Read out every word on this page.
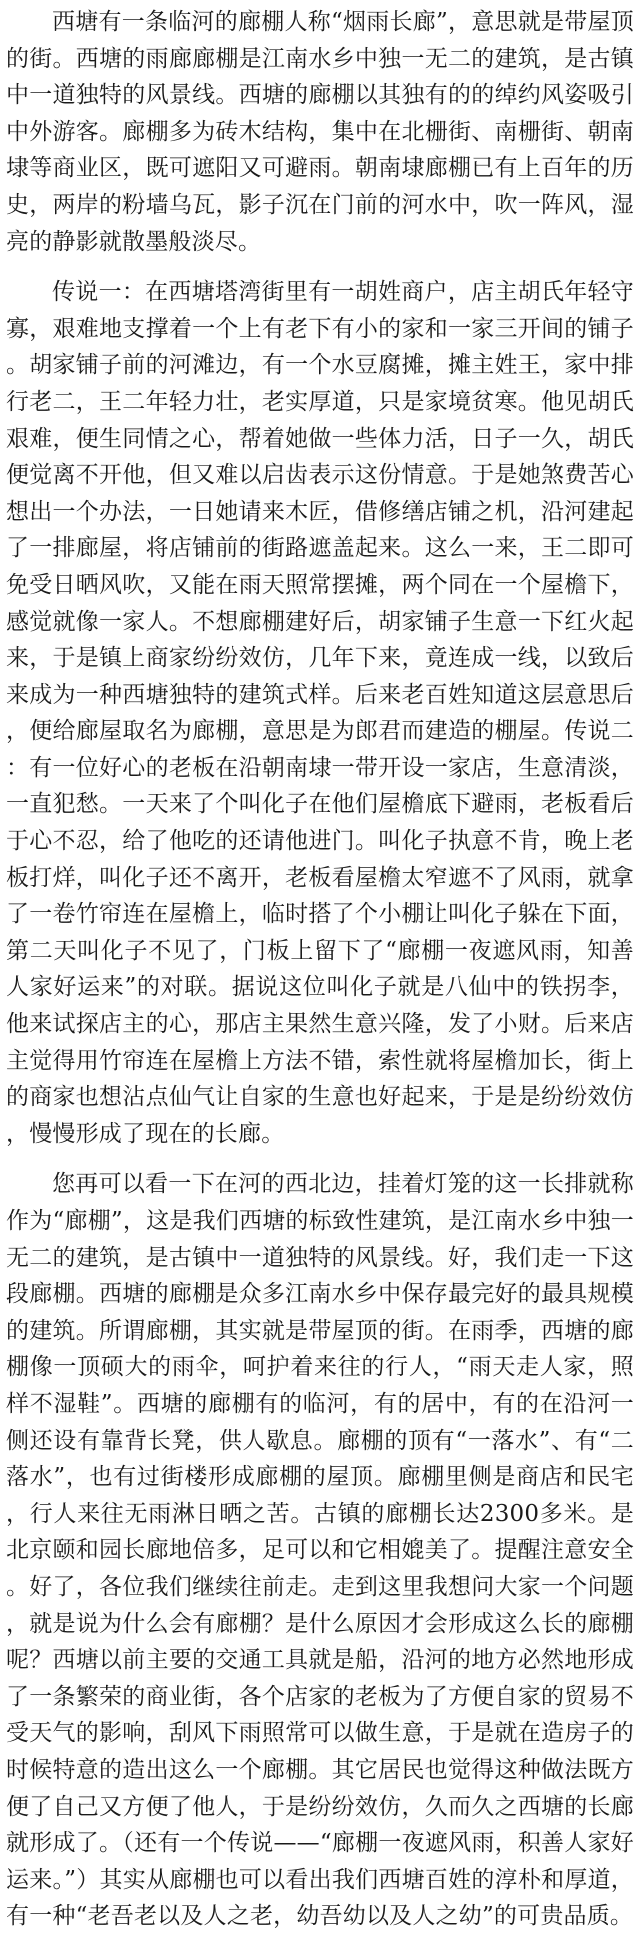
西塘有一条临河的廊棚人称“烟雨长廊”，意思就是带屋顶的街。西塘的雨廊廊棚是江南水乡中独一无二的建筑，是古镇中一道独特的风景线。西塘的廊棚以其独有的的绰约风姿吸引中外游客。廊棚多为砖木结构，集中在北栅街、南栅街、朝南埭等商业区，既可遮阳又可避雨。朝南埭廊棚已有上百年的历史，两岸的粉墙乌瓦，影子沉在门前的河水中，吹一阵风，湿亮的静影就散墨般淡尽。

传说一：在西塘塔湾街里有一胡姓商户，店主胡氏年轻守寡，艰难地支撑着一个上有老下有小的家和一家三开间的铺子。胡家铺子前的河滩边，有一个水豆腐摊，摊主姓王，家中排行老二，王二年轻力壮，老实厚道，只是家境贫寒。他见胡氏艰难，便生同情之心，帮着她做一些体力活，日子一久，胡氏便觉离不开他，但又难以启齿表示这份情意。于是她煞费苦心想出一个办法，一日她请来木匠，借修缮店铺之机，沿河建起了一排廊屋，将店铺前的街路遮盖起来。这么一来，王二即可免受日晒风吹，又能在雨天照常摆摊，两个同在一个屋檐下，感觉就像一家人。不想廊棚建好后，胡家铺子生意一下红火起来，于是镇上商家纷纷效仿，几年下来，竟连成一线，以致后来成为一种西塘独特的建筑式样。后来老百姓知道这层意思后，便给廊屋取名为廊棚，意思是为郎君而建造的棚屋。传说二：有一位好心的老板在沿朝南埭一带开设一家店，生意清淡，一直犯愁。一天来了个叫化子在他们屋檐底下避雨，老板看后于心不忍，给了他吃的还请他进门。叫化子执意不肯，晚上老板打烊，叫化子还不离开，老板看屋檐太窄遮不了风雨，就拿了一卷竹帘连在屋檐上，临时搭了个小棚让叫化子躲在下面，第二天叫化子不见了，门板上留下了“廊棚一夜遮风雨，知善人家好运来”的对联。据说这位叫化子就是八仙中的铁拐李，他来试探店主的心，那店主果然生意兴隆，发了小财。后来店主觉得用竹帘连在屋檐上方法不错，索性就将屋檐加长，街上的商家也想沾点仙气让自家的生意也好起来，于是是纷纷效仿，慢慢形成了现在的长廊。

您再可以看一下在河的西北边，挂着灯笼的这一长排就称作为“廊棚”，这是我们西塘的标致性建筑，是江南水乡中独一无二的建筑，是古镇中一道独特的风景线。好，我们走一下这段廊棚。西塘的廊棚是众多江南水乡中保存最完好的最具规模的建筑。所谓廊棚，其实就是带屋顶的街。在雨季，西塘的廊棚像一顶硕大的雨伞，呵护着来往的行人，“雨天走人家，照样不湿鞋”。西塘的廊棚有的临河，有的居中，有的在沿河一侧还设有靠背长凳，供人歇息。廊棚的顶有“一落水”、有“二落水”，也有过街楼形成廊棚的屋顶。廊棚里侧是商店和民宅，行人来往无雨淋日晒之苦。古镇的廊棚长达2300多米。是北京颐和园长廊地倍多，足可以和它相媲美了。提醒注意安全。好了，各位我们继续往前走。走到这里我想问大家一个问题，就是说为什么会有廊棚？是什么原因才会形成这么长的廊棚呢？西塘以前主要的交通工具就是船，沿河的地方必然地形成了一条繁荣的商业街，各个店家的老板为了方便自家的贸易不受天气的影响，刮风下雨照常可以做生意，于是就在造房子的时候特意的造出这么一个廊棚。其它居民也觉得这种做法既方便了自己又方便了他人，于是纷纷效仿，久而久之西塘的长廊就形成了。（还有一个传说——“廊棚一夜遮风雨，积善人家好运来。”）其实从廊棚也可以看出我们西塘百姓的淳朴和厚道，有一种“老吾老以及人之老，幼吾幼以及人之幼”的可贵品质。
